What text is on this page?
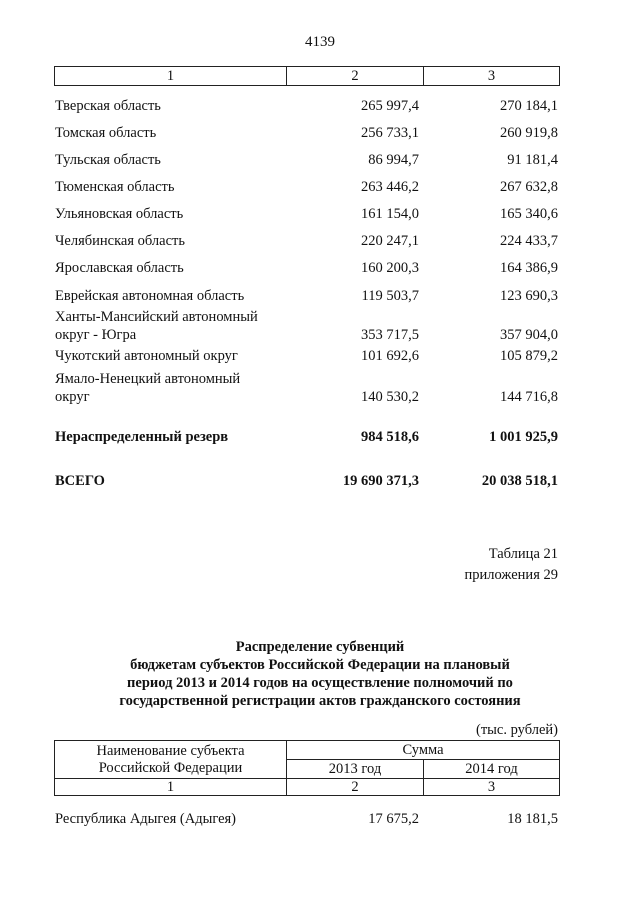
4139
1	2	3
Тверская область	265 997,4	270 184,1
Томская область	256 733,1	260 919,8
Тульская область	86 994,7	91 181,4
Тюменская область	263 446,2	267 632,8
Ульяновская область	161 154,0	165 340,6
Челябинская область	220 247,1	224 433,7
Ярославская область	160 200,3	164 386,9
Еврейская автономная область	119 503,7	123 690,3
Ханты-Мансийский автономный
округ - Югра	353 717,5	357 904,0
Чукотский автономный округ	101 692,6	105 879,2
Ямало-Ненецкий автономный
округ	140 530,2	144 716,8
Нераспределенный резерв	984 518,6	1 001 925,9
ВСЕГО	19 690 371,3	20 038 518,1
Таблица 21
приложения 29
Распределение субвенций
бюджетам субъектов Российской Федерации на плановый
период 2013 и 2014 годов на осуществление полномочий по
государственной регистрации актов гражданского состояния
(тыс. рублей)
Наименование субъекта
Российской Федерации
Сумма
2013 год	2014 год
1	2	3
Республика Адыгея (Адыгея)	17 675,2	18 181,5
